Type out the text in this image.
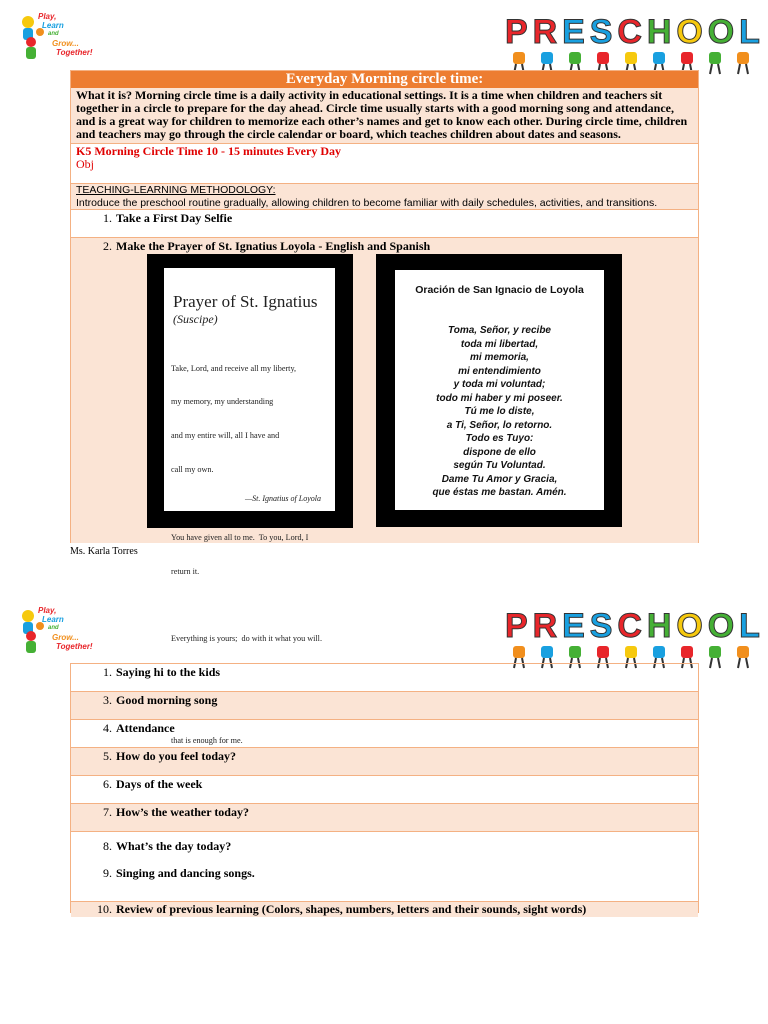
Play,
Learn
and
Grow...
Together!
P R E S C H O O L
Everyday Morning circle time:
What it is? Morning circle time is a daily activity in educational settings. It is a time when children and teachers sit together in a circle to prepare for the day ahead. Circle time usually starts with a good morning song and attendance, and is a great way for children to memorize each other’s names and get to know each other. During circle time, children and teachers may go through the circle calendar or board, which teaches children about dates and seasons.
K5 Morning Circle Time 10 - 15 minutes Every Day
Obj
TEACHING-LEARNING METHODOLOGY:
Introduce the preschool routine gradually, allowing children to become familiar with daily schedules, activities, and transitions.
1. Take a First Day Selfie
2. Make the Prayer of St. Ignatius Loyola - English and Spanish
Prayer of St. Ignatius
(Suscipe)

Take, Lord, and receive all my liberty,

my memory, my understanding

and my entire will, all I have and

call my own.

You have given all to me.  To you, Lord, I

return it.

Everything is yours;  do with it what you will.

that is enough for me.

—St. Ignatius of Loyola
Oración de San Ignacio de Loyola
Toma, Señor, y recibe
toda mi libertad,
mi memoria,
mi entendimiento
y toda mi voluntad;
todo mi haber y mi poseer.
Tú me lo diste,
a Ti, Señor, lo retorno.
Todo es Tuyo:
dispone de ello
según Tu Voluntad.
Dame Tu Amor y Gracia,
que éstas me bastan. Amén.
Ms. Karla Torres
Play,
Learn
and
Grow...
Together!
P R E S C H O O L
1. Saying hi to the kids
3. Good morning song
4. Attendance
5. How do you feel today?
6. Days of the week
7. How’s the weather today?
8. What’s the day today?
9. Singing and dancing songs.
10. Review of previous learning (Colors, shapes, numbers, letters and their sounds, sight words)
